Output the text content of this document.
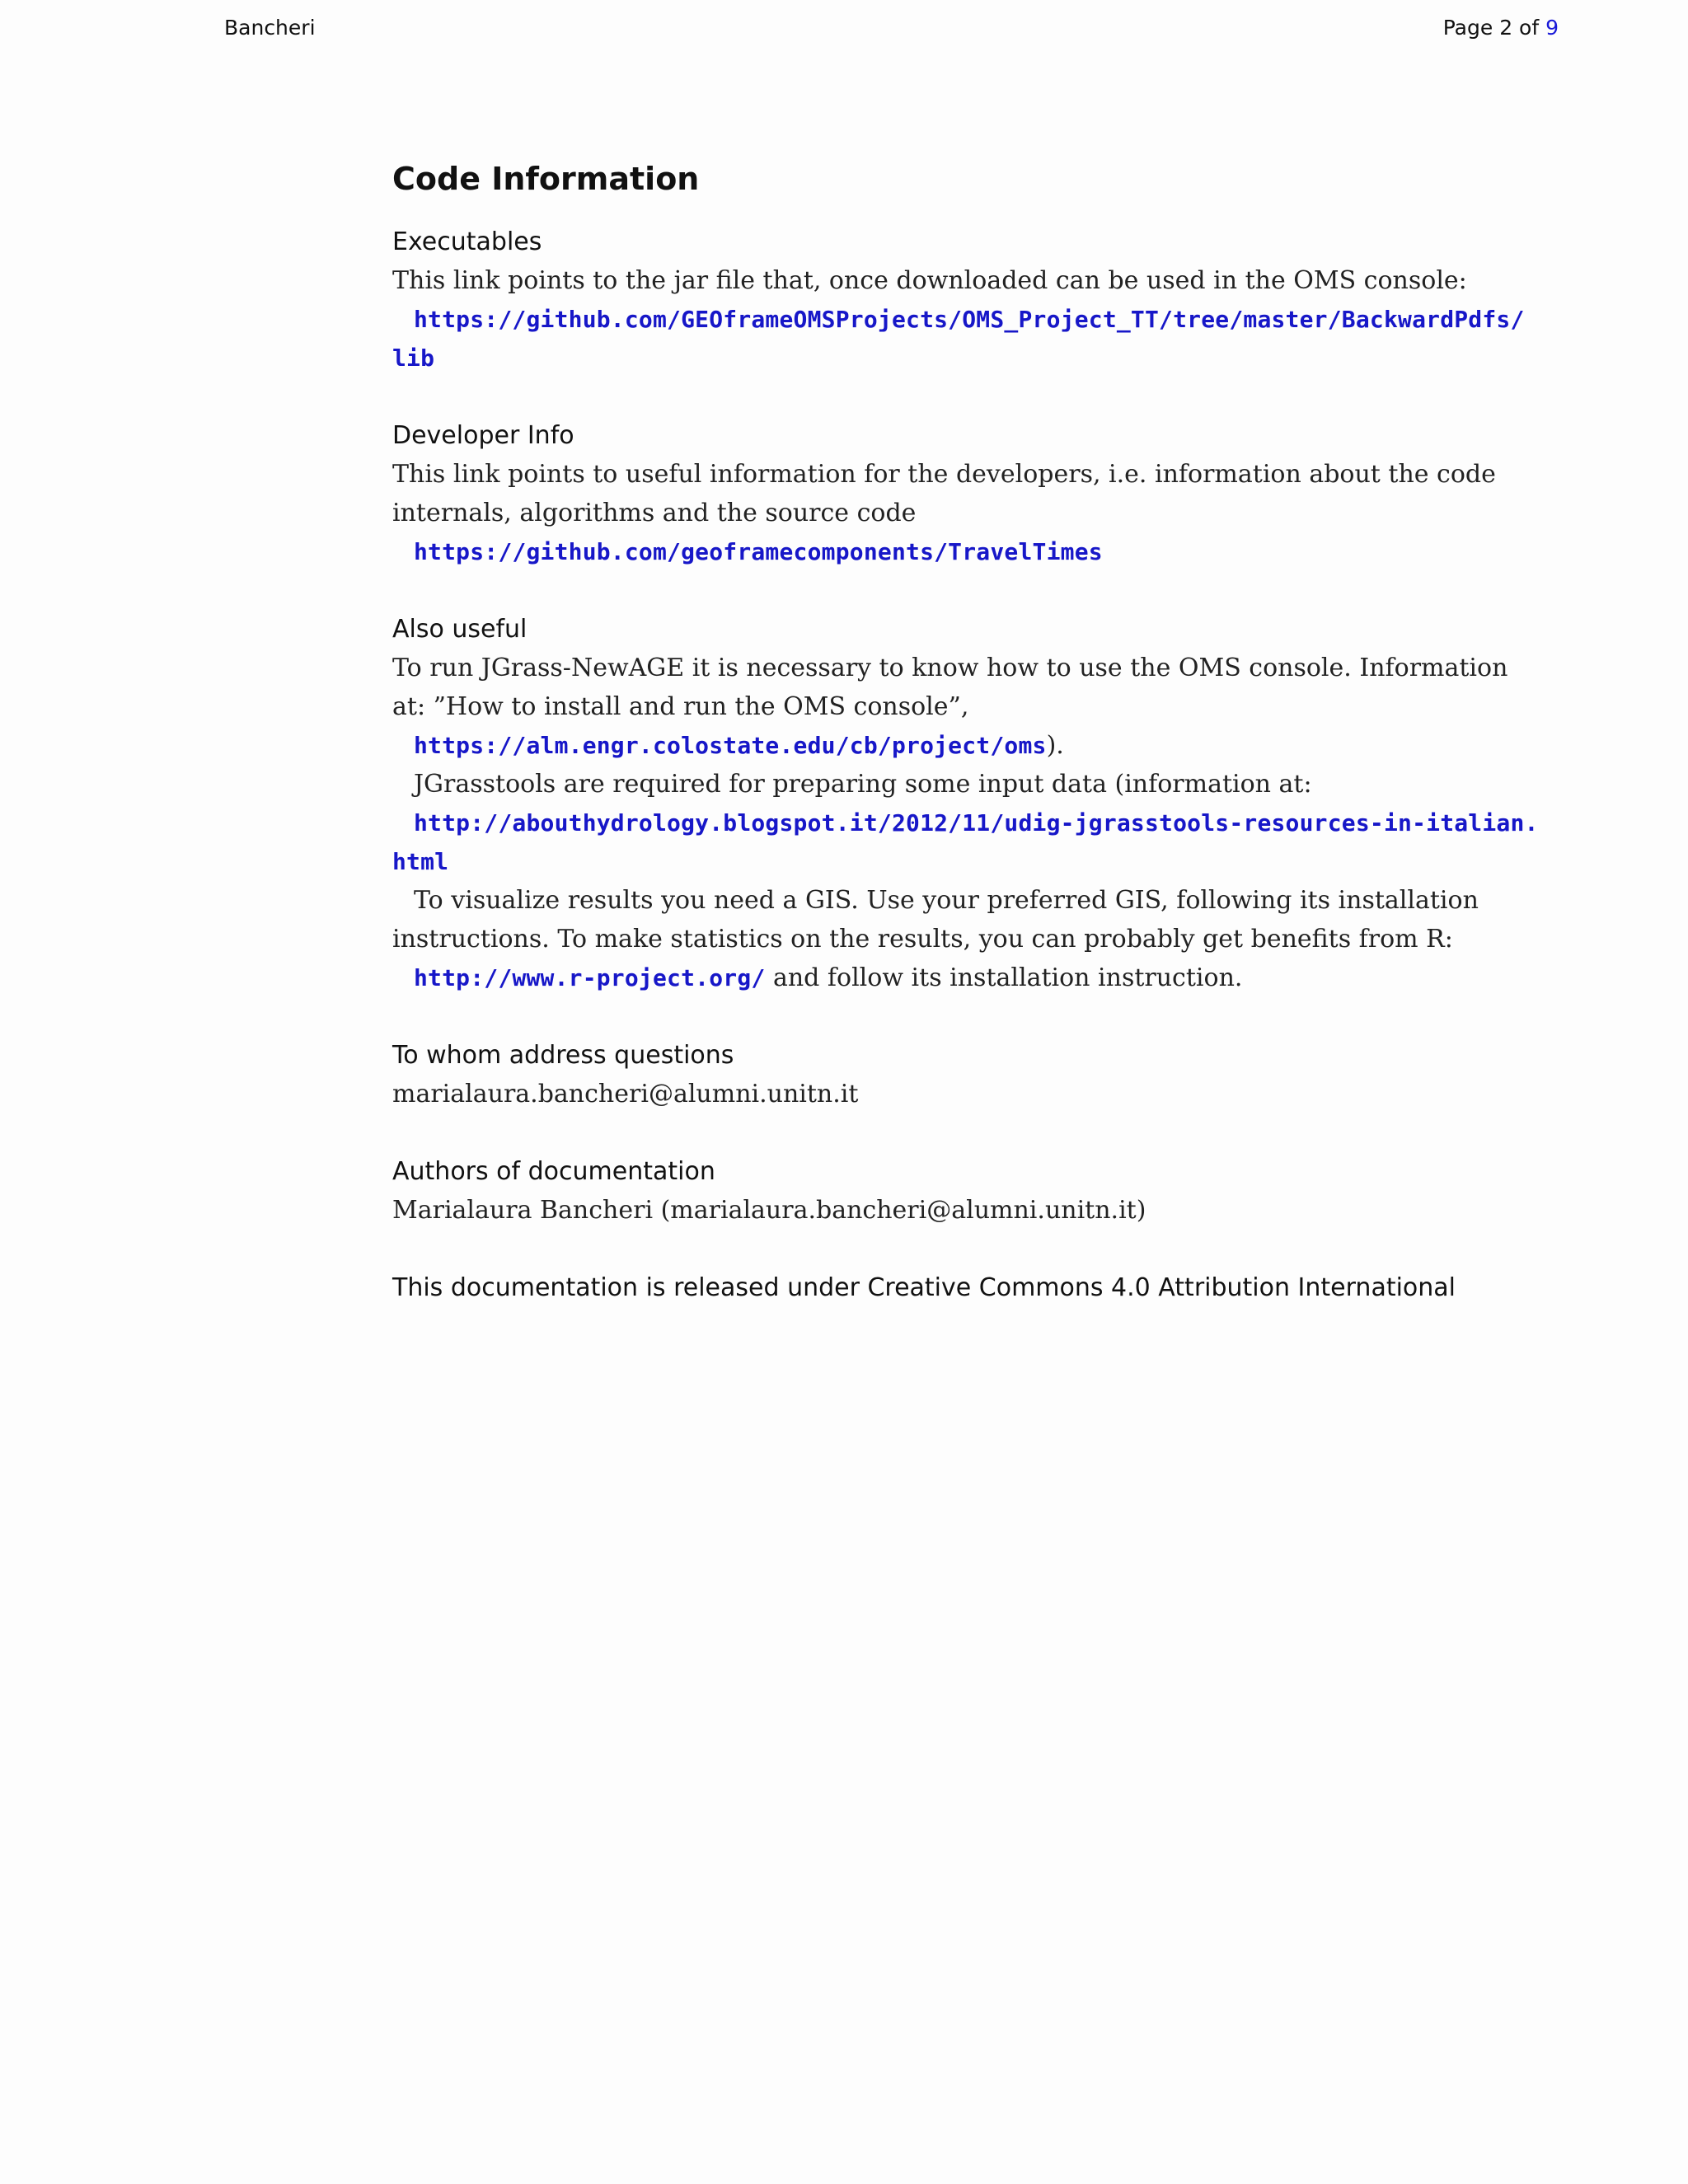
Bancheri	Page 2 of 9
Code Information
Executables
This link points to the jar file that, once downloaded can be used in the OMS console:
https://github.com/GEOframeOMSProjects/OMS_Project_TT/tree/master/BackwardPdfs/
lib
Developer Info
This link points to useful information for the developers, i.e. information about the code
internals, algorithms and the source code
https://github.com/geoframecomponents/TravelTimes
Also useful
To run JGrass-NewAGE it is necessary to know how to use the OMS console. Information
at: ”How to install and run the OMS console”,
https://alm.engr.colostate.edu/cb/project/oms).
JGrasstools are required for preparing some input data (information at:
http://abouthydrology.blogspot.it/2012/11/udig-jgrasstools-resources-in-italian.
html
To visualize results you need a GIS. Use your preferred GIS, following its installation
instructions. To make statistics on the results, you can probably get benefits from R:
http://www.r-project.org/ and follow its installation instruction.
To whom address questions
marialaura.bancheri@alumni.unitn.it
Authors of documentation
Marialaura Bancheri (marialaura.bancheri@alumni.unitn.it)
This documentation is released under Creative Commons 4.0 Attribution International
